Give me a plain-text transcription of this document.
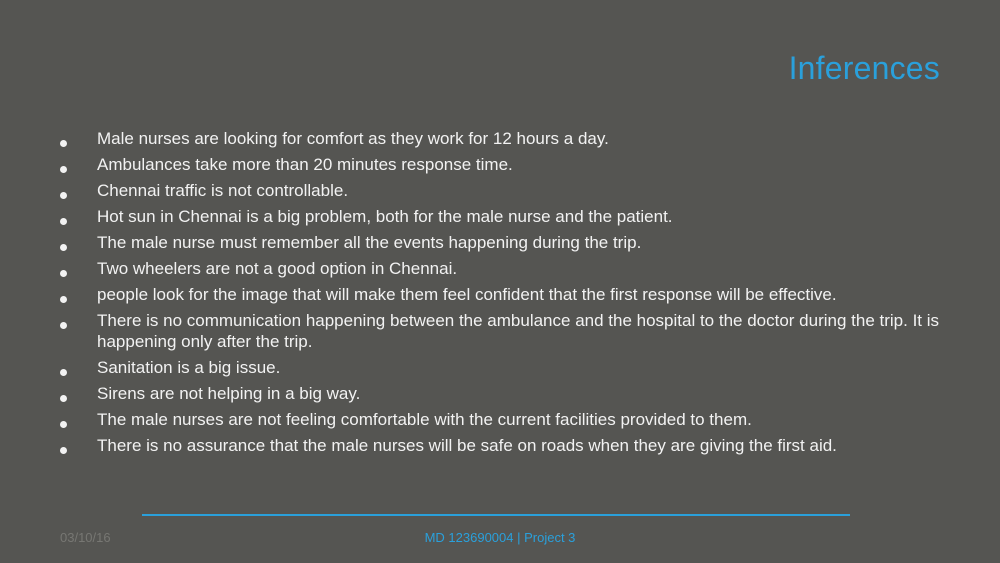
Inferences
Male nurses are looking for comfort as they work for 12 hours a day.
Ambulances take more than 20 minutes response time.
Chennai traffic is not controllable.
Hot sun in Chennai is a big problem, both for the male nurse and the patient.
The male nurse must remember all the events happening during the trip.
Two wheelers are not a good option in Chennai.
people look for the image that will make them feel confident that the first response will be effective.
There is no communication happening between the ambulance and the hospital to the doctor during the trip. It is happening only after the trip.
Sanitation is a big issue.
Sirens are not helping in a big way.
The male nurses are not feeling comfortable with the current facilities provided to them.
There is no assurance that the male nurses will be safe on roads when they are giving the first aid.
03/10/16	MD 123690004 | Project 3
